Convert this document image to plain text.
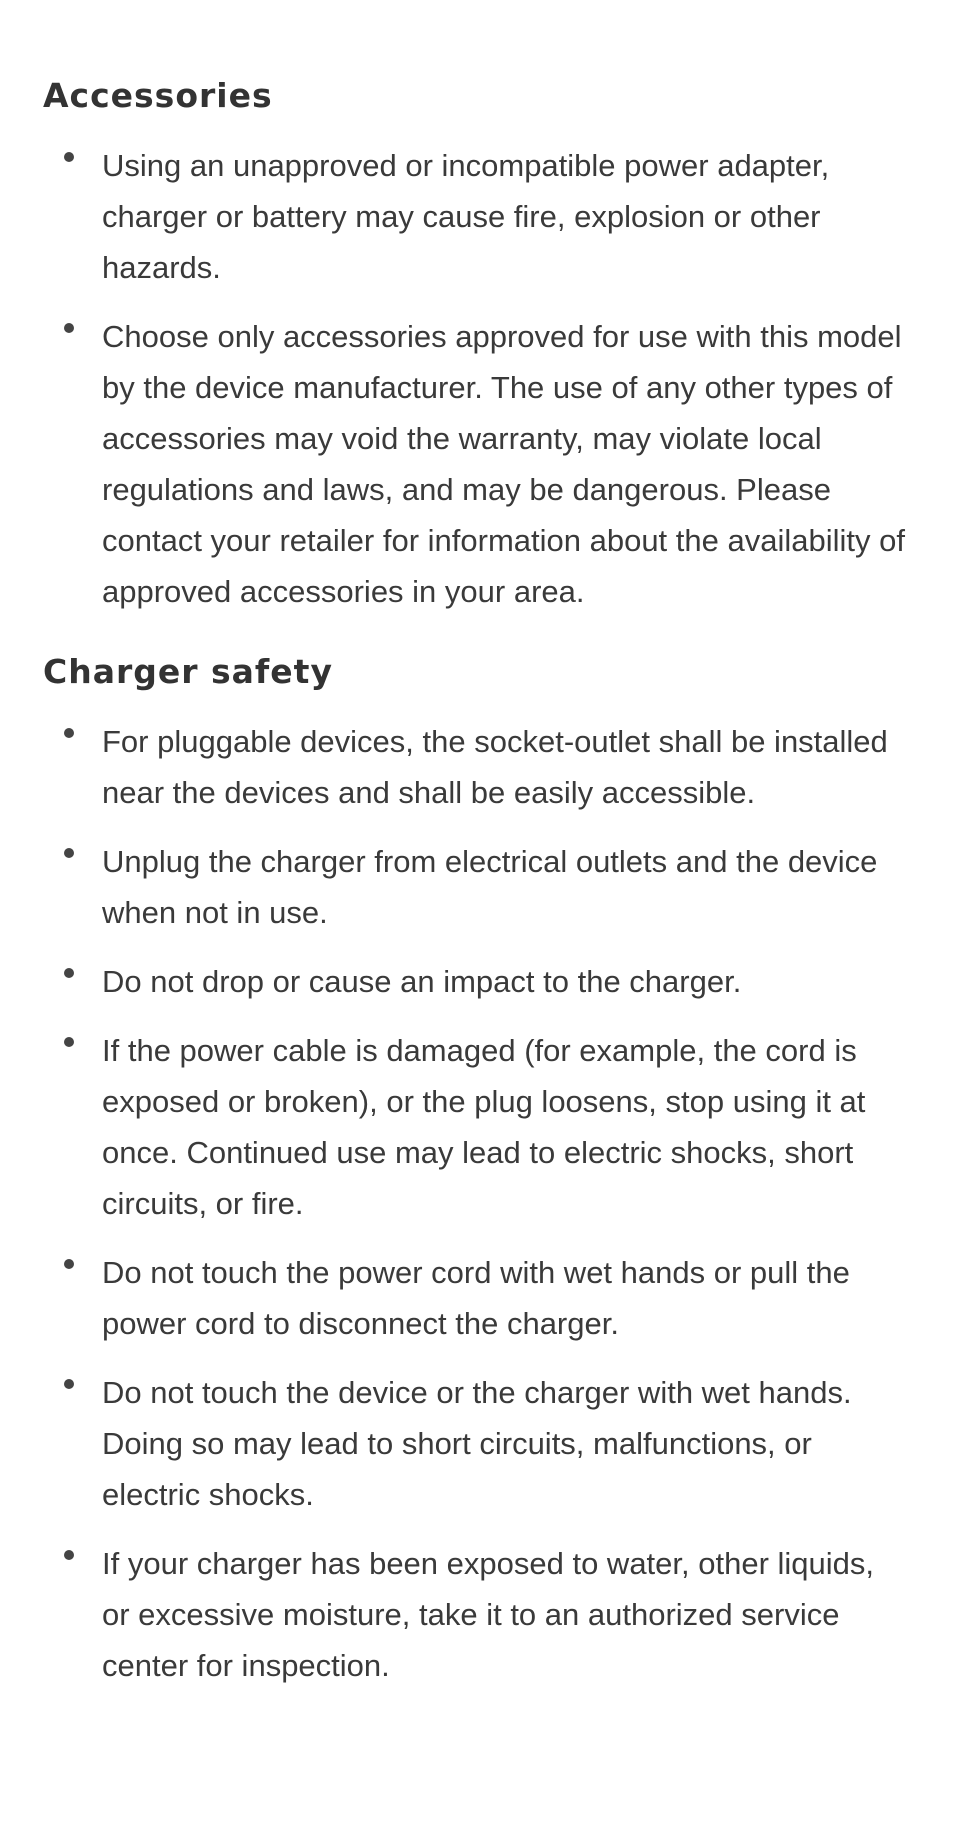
Accessories
Using an unapproved or incompatible power adapter, charger or battery may cause fire, explosion or other hazards.
Choose only accessories approved for use with this model by the device manufacturer. The use of any other types of accessories may void the warranty, may violate local regulations and laws, and may be dangerous. Please contact your retailer for information about the availability of approved accessories in your area.
Charger safety
For pluggable devices, the socket-outlet shall be installed near the devices and shall be easily accessible.
Unplug the charger from electrical outlets and the device when not in use.
Do not drop or cause an impact to the charger.
If the power cable is damaged (for example, the cord is exposed or broken), or the plug loosens, stop using it at once. Continued use may lead to electric shocks, short circuits, or fire.
Do not touch the power cord with wet hands or pull the power cord to disconnect the charger.
Do not touch the device or the charger with wet hands. Doing so may lead to short circuits, malfunctions, or electric shocks.
If your charger has been exposed to water, other liquids, or excessive moisture, take it to an authorized service center for inspection.
